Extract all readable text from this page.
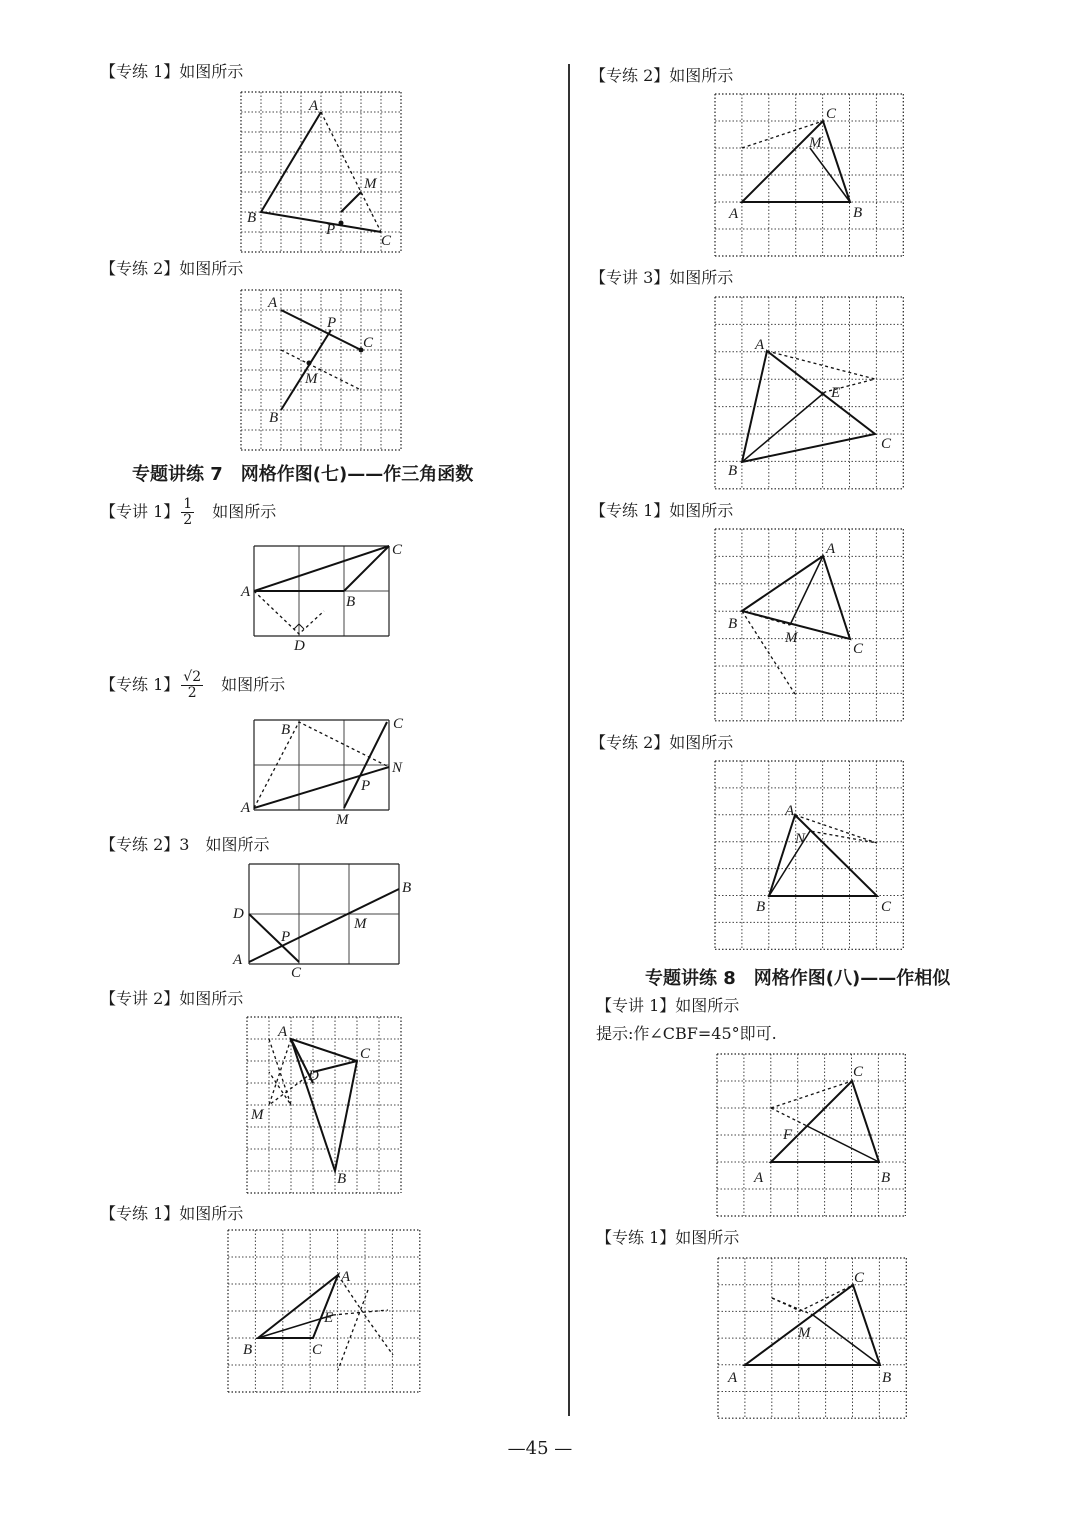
【专练 1】如图所示
A
M
B
P
C
【专练 2】如图所示
A
P
C
M
B
专题讲练 7　网格作图(七)——作三角函数
【专讲 1】 $\frac{1}{2}$
　 如图所示
A
B
C
D
【专练 1】 $\frac{√2}{2}$
　 如图所示
B	C
N
P
A
M
【专练 2】3　如图所示
B
D
M
P
A
C
【专讲 2】如图所示
A
C
D
M
B
【专练 1】如图所示
A
E
B	C
【专练 2】如图所示
C
M
A	B
【专讲 3】如图所示
A
E
C
B
【专练 1】如图所示
A
B
M
C
【专练 2】如图所示
A
N
B	C
专题讲练 8　网格作图(八)——作相似
【专讲 1】如图所示
提示:作∠CBF=45°即可.
C
F
A	B
【专练 1】如图所示
C
M
A	B
—45 —
